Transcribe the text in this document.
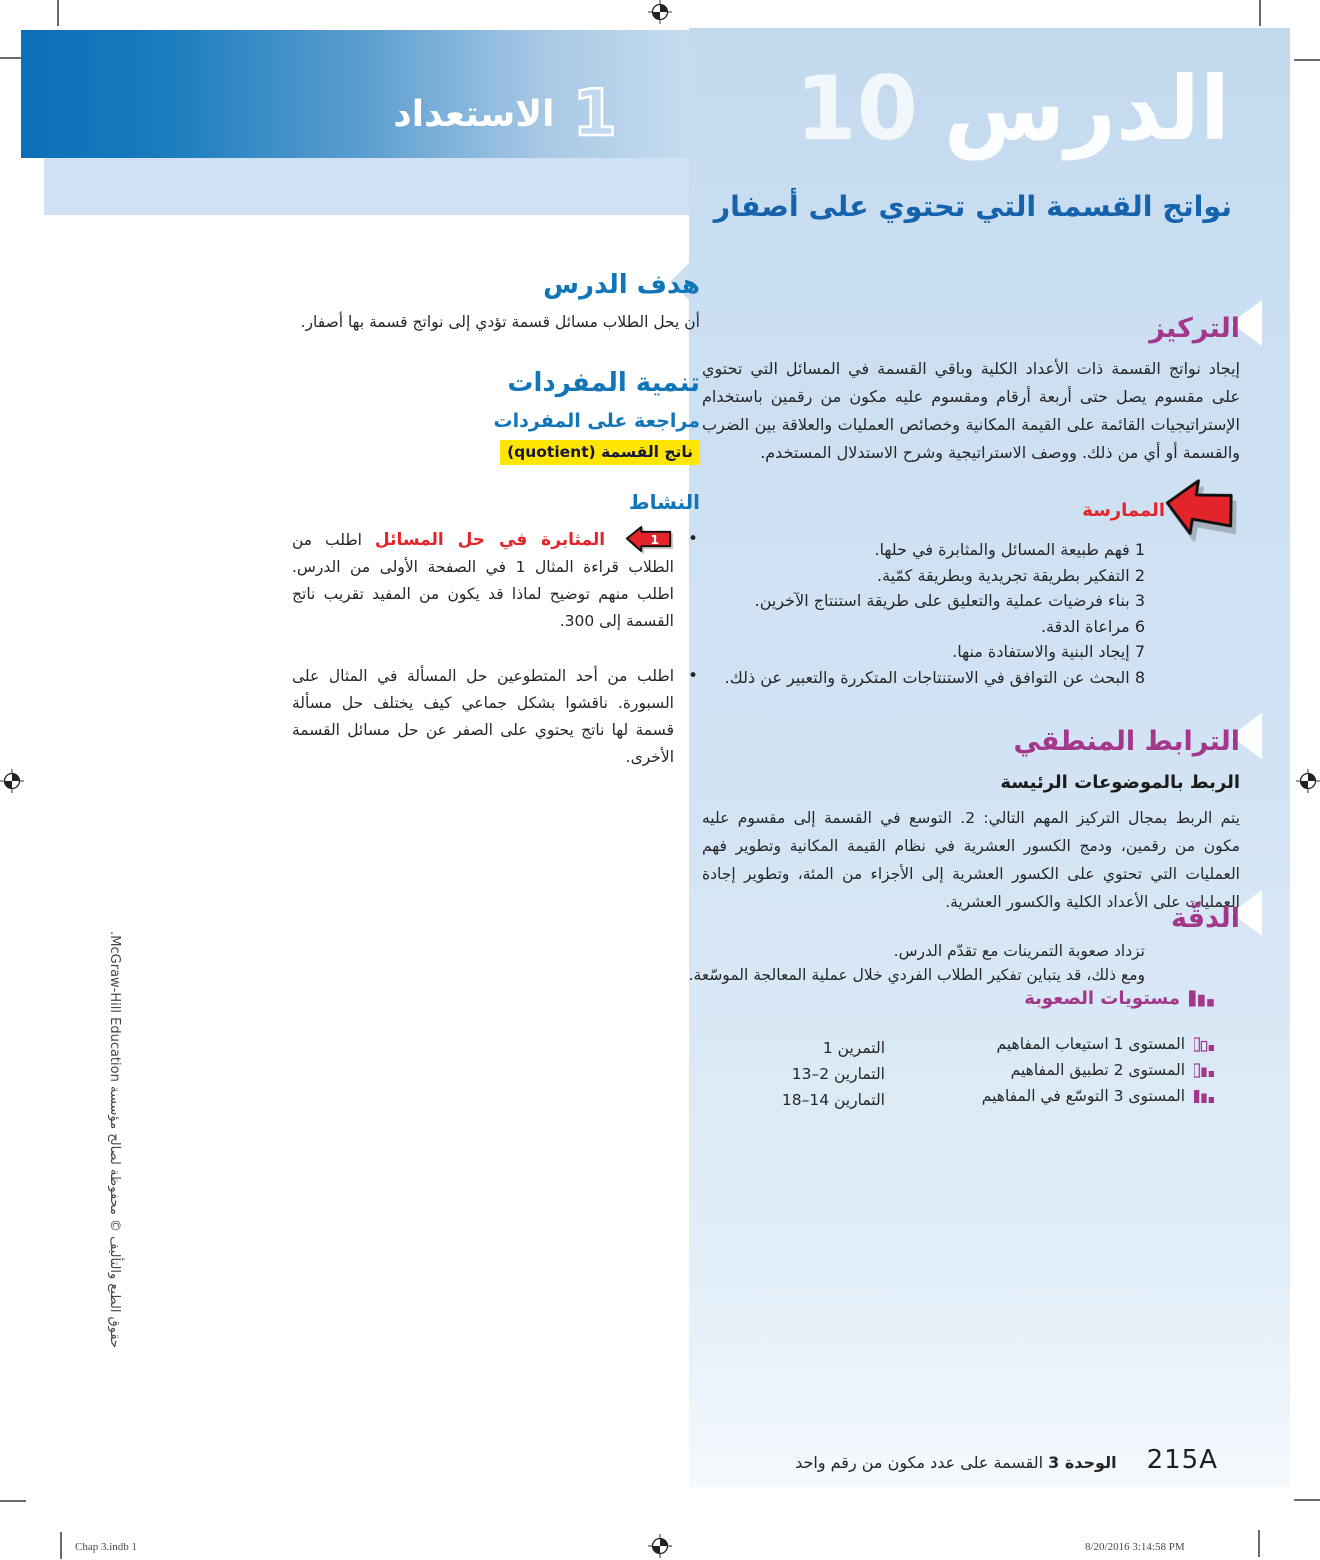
الدرس
10
نواتج القسمة التي تحتوي على أصفار
التركيز
إيجاد نواتج القسمة ذات الأعداد الكلية وباقي القسمة في المسائل التي تحتوي على مقسوم يصل حتى أربعة أرقام ومقسوم عليه مكون من رقمين باستخدام الإستراتيجيات القائمة على القيمة المكانية وخصائص العمليات والعلاقة بين الضرب والقسمة أو أي من ذلك. ووصف الاستراتيجية وشرح الاستدلال المستخدم.
الممارسة
1 فهم طبيعة المسائل والمثابرة في حلها.
2 التفكير بطريقة تجريدية وبطريقة كمّية.
3 بناء فرضيات عملية والتعليق على طريقة استنتاج الآخرين.
6 مراعاة الدقة.
7 إيجاد البنية والاستفادة منها.
8 البحث عن التوافق في الاستنتاجات المتكررة والتعبير عن ذلك.
الترابط المنطقي
الربط بالموضوعات الرئيسة
يتم الربط بمجال التركيز المهم التالي: 2. التوسع في القسمة إلى مقسوم عليه مكون من رقمين، ودمج الكسور العشرية في نظام القيمة المكانية وتطوير فهم العمليات التي تحتوي على الكسور العشرية إلى الأجزاء من المئة، وتطوير إجادة العمليات على الأعداد الكلية والكسور العشرية.
الدقّة
تزداد صعوبة التمرينات مع تقدّم الدرس.
ومع ذلك، قد يتباين تفكير الطلاب الفردي خلال عملية المعالجة الموسّعة.
مستويات الصعوبة
المستوى 1 استيعاب المفاهيم
المستوى 2 تطبيق المفاهيم
المستوى 3 التوسّع في المفاهيم
التمرين 1
التمارين 2–13
التمارين 14–18
1
الاستعداد
هدف الدرس
أن يحل الطلاب مسائل قسمة تؤدي إلى نواتج قسمة بها أصفار.
تنمية المفردات
مراجعة على المفردات
ناتج القسمة (quotient)
النشاط
•
1
المثابرة في حل المسائل اطلب من الطلاب قراءة المثال 1 في الصفحة الأولى من الدرس. اطلب منهم توضيح لماذا قد يكون من المفيد تقريب ناتج القسمة إلى 300.
•
اطلب من أحد المتطوعين حل المسألة في المثال على السبورة. ناقشوا بشكل جماعي كيف يختلف حل مسألة قسمة لها ناتج يحتوي على الصفر عن حل مسائل القسمة الأخرى.
حقوق الطبع والتأليف © محفوظة لصالح مؤسسة McGraw-Hill Education.
215A
الوحدة 3 القسمة على عدد مكون من رقم واحد
Chap 3.indb 1	8/20/2016 3:14:58 PM
